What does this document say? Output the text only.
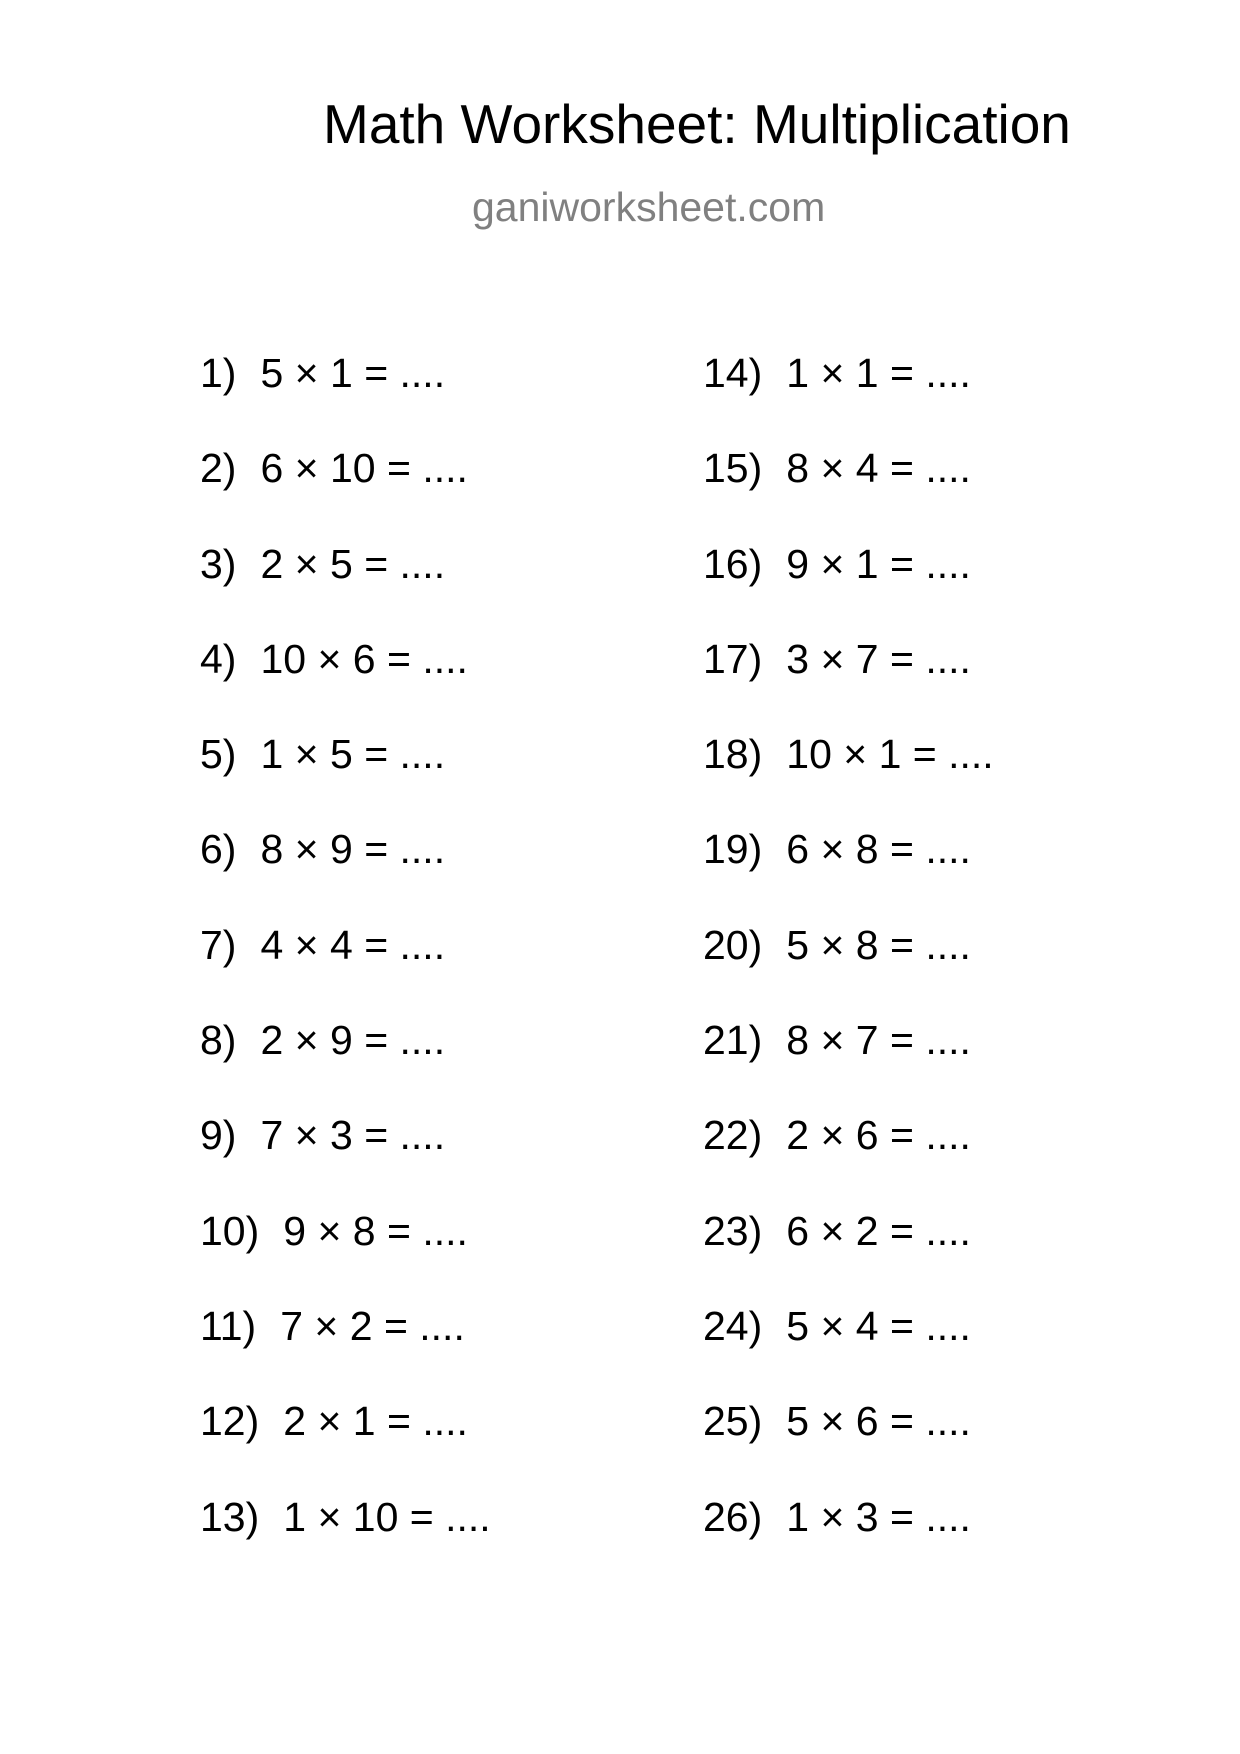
Math Worksheet: Multiplication
ganiworksheet.com
1) 5 × 1 = ....
2) 6 × 10 = ....
3) 2 × 5 = ....
4) 10 × 6 = ....
5) 1 × 5 = ....
6) 8 × 9 = ....
7) 4 × 4 = ....
8) 2 × 9 = ....
9) 7 × 3 = ....
10) 9 × 8 = ....
11) 7 × 2 = ....
12) 2 × 1 = ....
13) 1 × 10 = ....
14) 1 × 1 = ....
15) 8 × 4 = ....
16) 9 × 1 = ....
17) 3 × 7 = ....
18) 10 × 1 = ....
19) 6 × 8 = ....
20) 5 × 8 = ....
21) 8 × 7 = ....
22) 2 × 6 = ....
23) 6 × 2 = ....
24) 5 × 4 = ....
25) 5 × 6 = ....
26) 1 × 3 = ....
